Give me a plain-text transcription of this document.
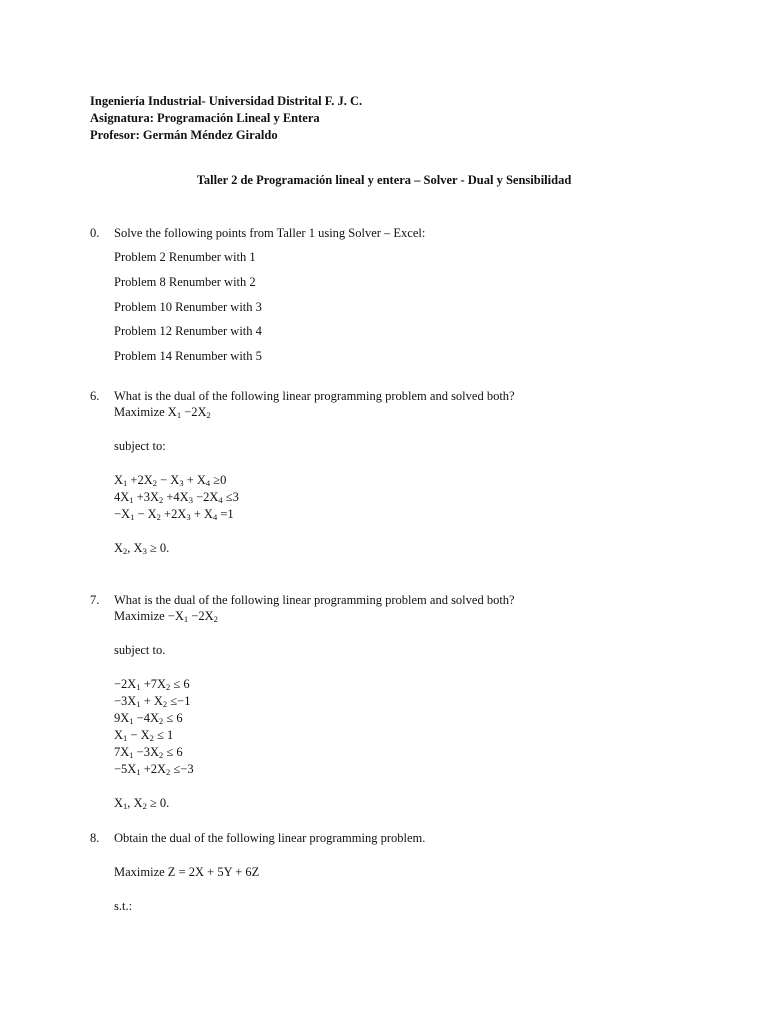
Ingeniería Industrial- Universidad Distrital F. J. C.
Asignatura: Programación Lineal y Entera
Profesor: Germán Méndez Giraldo
Taller 2 de Programación lineal y entera – Solver - Dual y Sensibilidad
0. Solve the following points from Taller 1 using Solver – Excel:
Problem 2 Renumber with 1
Problem 8 Renumber with 2
Problem 10 Renumber with 3
Problem 12 Renumber with 4
Problem 14 Renumber with 5
6. What is the dual of the following linear programming problem and solved both?
Maximize $X_1 -2X_2$
subject to:
$X_1 +2X_2 - X_3 + X_4 \ge 0$
$4X_1 +3X_2 +4X_3 -2X_4 \le 3$
$-X_1 - X_2 +2X_3 + X_4 =1$
$X_2$, $X_3 \ge 0$.
7. What is the dual of the following linear programming problem and solved both?
Maximize $-X_1 -2X_2$
subject to.
$-2X_1 +7X_2 \le 6$
$-3X_1 + X_2 \le-1$
$9X_1 -4X_2 \le 6$
$X_1 - X_2 \le 1$
$7X_1 -3X_2 \le 6$
$-5X_1 +2X_2 \le-3$
$X_1$, $X_2 \ge 0$.
8. Obtain the dual of the following linear programming problem.
Maximize Z = 2X + 5Y + 6Z
s.t.:
